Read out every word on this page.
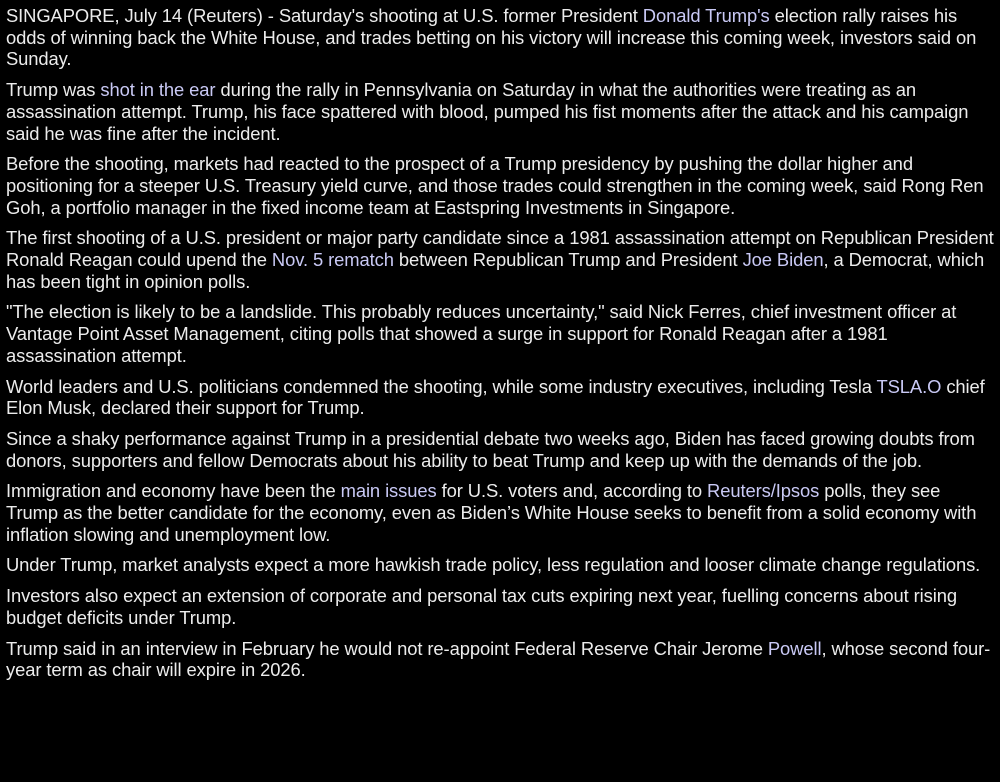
SINGAPORE, July 14 (Reuters) - Saturday's shooting at U.S. former President Donald Trump's election rally raises his odds of winning back the White House, and trades betting on his victory will increase this coming week, investors said on Sunday.

Trump was shot in the ear during the rally in Pennsylvania on Saturday in what the authorities were treating as an assassination attempt. Trump, his face spattered with blood, pumped his fist moments after the attack and his campaign said he was fine after the incident.

Before the shooting, markets had reacted to the prospect of a Trump presidency by pushing the dollar higher and positioning for a steeper U.S. Treasury yield curve, and those trades could strengthen in the coming week, said Rong Ren Goh, a portfolio manager in the fixed income team at Eastspring Investments in Singapore.

The first shooting of a U.S. president or major party candidate since a 1981 assassination attempt on Republican President Ronald Reagan could upend the Nov. 5 rematch between Republican Trump and President Joe Biden, a Democrat, which has been tight in opinion polls.

"The election is likely to be a landslide. This probably reduces uncertainty," said Nick Ferres, chief investment officer at Vantage Point Asset Management, citing polls that showed a surge in support for Ronald Reagan after a 1981 assassination attempt.

World leaders and U.S. politicians condemned the shooting, while some industry executives, including Tesla TSLA.O chief Elon Musk, declared their support for Trump.

Since a shaky performance against Trump in a presidential debate two weeks ago, Biden has faced growing doubts from donors, supporters and fellow Democrats about his ability to beat Trump and keep up with the demands of the job.

Immigration and economy have been the main issues for U.S. voters and, according to Reuters/Ipsos polls, they see Trump as the better candidate for the economy, even as Biden’s White House seeks to benefit from a solid economy with inflation slowing and unemployment low.

Under Trump, market analysts expect a more hawkish trade policy, less regulation and looser climate change regulations.

Investors also expect an extension of corporate and personal tax cuts expiring next year, fuelling concerns about rising budget deficits under Trump.

Trump said in an interview in February he would not re-appoint Federal Reserve Chair Jerome Powell, whose second four-year term as chair will expire in 2026.
